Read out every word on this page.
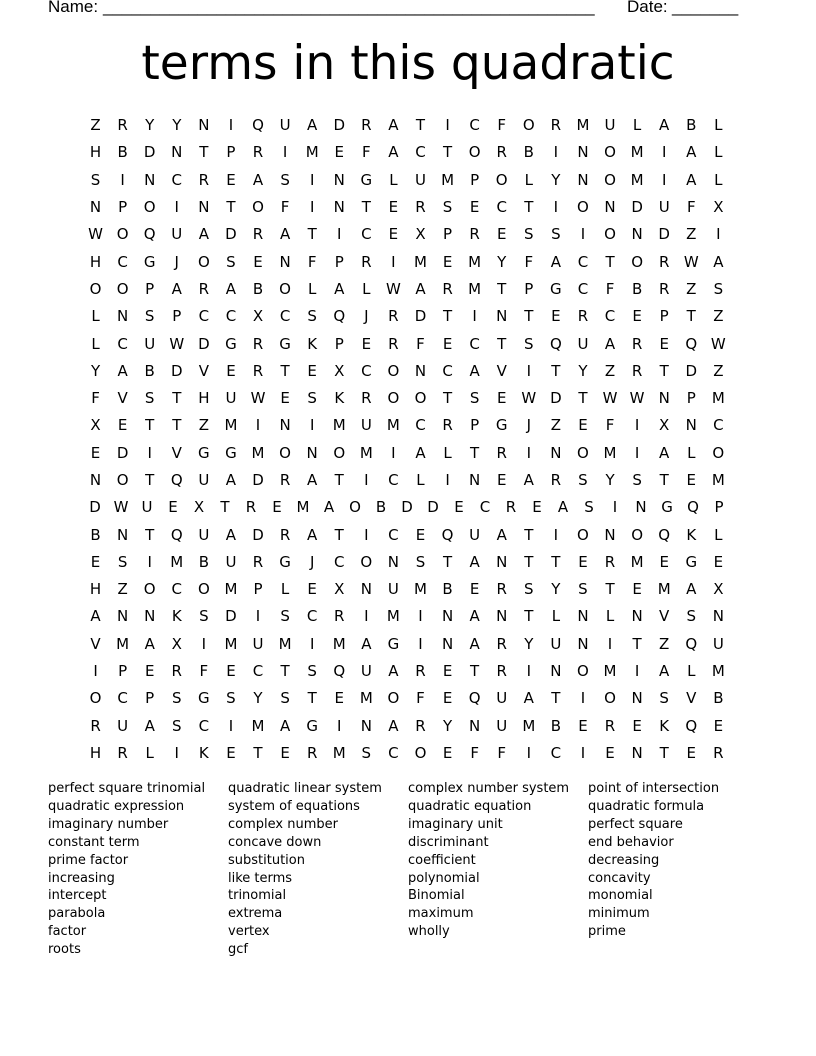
Name: ____________________________________________________ Date: _______
terms in this quadratic
Z	R	Y	Y	N	I	Q	U	A	D	R	A	T	I	C	F	O	R	M	U	L	A	B	L
H	B	D	N	T	P	R	I	M	E	F	A	C	T	O	R	B	I	N	O M	I	A	L
S	I	N	C	R	E	A	S	I	N	G	L	U	M	P	O	L	Y	N	O M	I	A	L
N	P	O	I	N	T	O	F	I	N	T	E	R	S	E	C	T	I	O	N	D	U	F	X
W O	Q	U	A	D	R	A	T	I	C	E	X	P	R	E	S	S	I	O	N	D	Z	I
H	C	G	J	O	S	E	N	F	P	R	I	M	E	M	Y	F	A	C	T	O	R W A
O	O	P	A	R	A	B	O	L	A	L	W A	R	M	T	P	G	C	F	B	R	Z	S
L	N	S	P	C	C	X	C	S	Q	J	R	D	T	I	N	T	E	R	C	E	P	T	Z
L	C	U W D	G	R	G	K	P	E	R	F	E	C	T	S	Q	U	A	R	E	Q W
Y	A	B	D	V	E	R	T	E	X	C	O	N	C	A	V	I	T	Y	Z	R	T	D	Z
F	V	S	T	H	U W E	S	K	R	O	O	T	S	E W D	T	W W N	P	M
X	E	T	T	Z	M	I	N	I	M	U	M	C	R	P	G	J	Z	E	F	I	X	N	C
E	D	I	V	G	G M O	N	O M	I	A	L	T	R	I	N	O M	I	A	L	O
N	O	T	Q	U	A	D	R	A	T	I	C	L	I	N	E	A	R	S	Y	S	T	E	M
D W U	E	X	T	R	E M A O B	D D	E	C	R	E	A	S	I	N G Q	P
B	N	T	Q	U	A	D	R	A	T	I	C	E	Q	U	A	T	I	O	N	O	Q	K	L
E	S	I	M	B	U	R	G	J	C	O	N	S	T	A	N	T	T	E	R	M	E	G	E
H	Z	O	C	O M	P	L	E	X	N	U	M	B	E	R	S	Y	S	T	E	M	A	X
A	N	N	K	S	D	I	S	C	R	I	M	I	N	A	N	T	L	N	L	N	V	S	N
V	M	A	X	I	M	U	M	I	M	A	G	I	N	A	R	Y	U	N	I	T	Z	Q	U
I	P	E	R	F	E	C	T	S	Q	U	A	R	E	T	R	I	N	O M	I	A	L	M
O	C	P	S	G	S	Y	S	T	E	M O	F	E	Q	U	A	T	I	O	N	S	V	B
R	U	A	S	C	I	M	A	G	I	N	A	R	Y	N	U	M	B	E	R	E	K	Q	E
H	R	L	I	K	E	T	E	R	M	S	C	O	E	F	F	I	C	I	E	N	T	E	R
perfect square trinomial
quadratic expression
imaginary number
constant term
prime factor
increasing
intercept
parabola
factor
roots
quadratic linear system
system of equations
complex number
concave down
substitution
like terms
trinomial
extrema
vertex
gcf
complex number system
quadratic equation
imaginary unit
discriminant
coefficient
polynomial
Binomial
maximum
wholly
point of intersection
quadratic formula
perfect square
end behavior
decreasing
concavity
monomial
minimum
prime
